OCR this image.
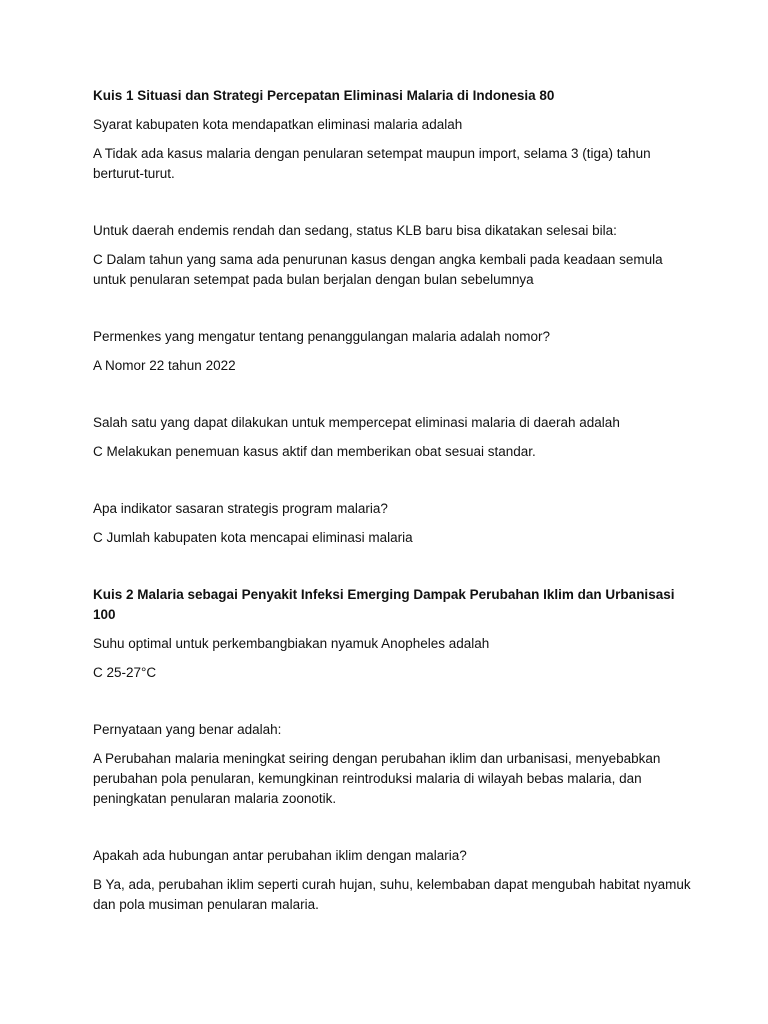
Kuis 1 Situasi dan Strategi Percepatan Eliminasi Malaria di Indonesia 80

Syarat kabupaten kota mendapatkan eliminasi malaria adalah

A Tidak ada kasus malaria dengan penularan setempat maupun import, selama 3 (tiga) tahun berturut-turut.

Untuk daerah endemis rendah dan sedang, status KLB baru bisa dikatakan selesai bila:

C Dalam tahun yang sama ada penurunan kasus dengan angka kembali pada keadaan semula untuk penularan setempat pada bulan berjalan dengan bulan sebelumnya

Permenkes yang mengatur tentang penanggulangan malaria adalah nomor?

A Nomor 22 tahun 2022

Salah satu yang dapat dilakukan untuk mempercepat eliminasi malaria di daerah adalah

C Melakukan penemuan kasus aktif dan memberikan obat sesuai standar.

Apa indikator sasaran strategis program malaria?

C Jumlah kabupaten kota mencapai eliminasi malaria

Kuis 2 Malaria sebagai Penyakit Infeksi Emerging Dampak Perubahan Iklim dan Urbanisasi 100

Suhu optimal untuk perkembangbiakan nyamuk Anopheles adalah

C 25-27°C

Pernyataan yang benar adalah:

A Perubahan malaria meningkat seiring dengan perubahan iklim dan urbanisasi, menyebabkan perubahan pola penularan, kemungkinan reintroduksi malaria di wilayah bebas malaria, dan peningkatan penularan malaria zoonotik.

Apakah ada hubungan antar perubahan iklim dengan malaria?

B Ya, ada, perubahan iklim seperti curah hujan, suhu, kelembaban dapat mengubah habitat nyamuk dan pola musiman penularan malaria.
